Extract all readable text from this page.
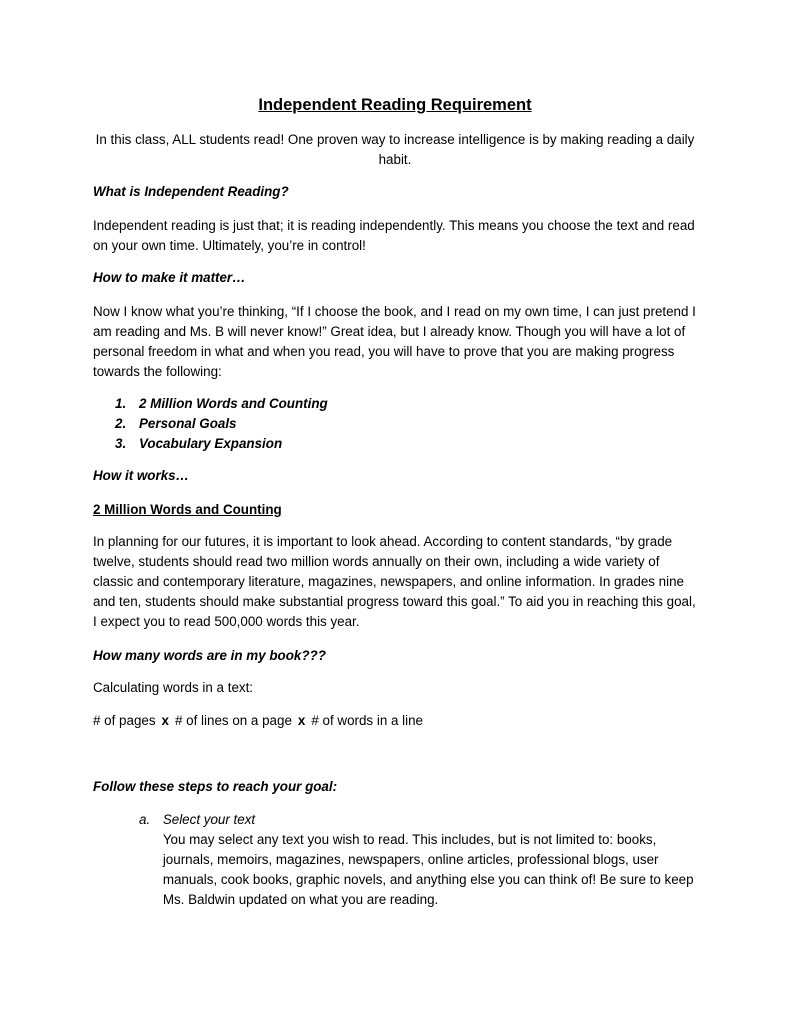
Independent Reading Requirement
In this class, ALL students read! One proven way to increase intelligence is by making reading a daily habit.
What is Independent Reading?
Independent reading is just that; it is reading independently. This means you choose the text and read on your own time. Ultimately, you’re in control!
How to make it matter…
Now I know what you’re thinking, “If I choose the book, and I read on my own time, I can just pretend I am reading and Ms. B will never know!” Great idea, but I already know. Though you will have a lot of personal freedom in what and when you read, you will have to prove that you are making progress towards the following:
1. 2 Million Words and Counting
2. Personal Goals
3. Vocabulary Expansion
How it works…
2 Million Words and Counting
In planning for our futures, it is important to look ahead. According to content standards, “by grade twelve, students should read two million words annually on their own, including a wide variety of classic and contemporary literature, magazines, newspapers, and online information. In grades nine and ten, students should make substantial progress toward this goal.” To aid you in reaching this goal, I expect you to read 500,000 words this year.
How many words are in my book???
Calculating words in a text:
# of pages x # of lines on a page x # of words in a line
Follow these steps to reach your goal:
a. Select your text
You may select any text you wish to read. This includes, but is not limited to: books, journals, memoirs, magazines, newspapers, online articles, professional blogs, user manuals, cook books, graphic novels, and anything else you can think of! Be sure to keep Ms. Baldwin updated on what you are reading.
